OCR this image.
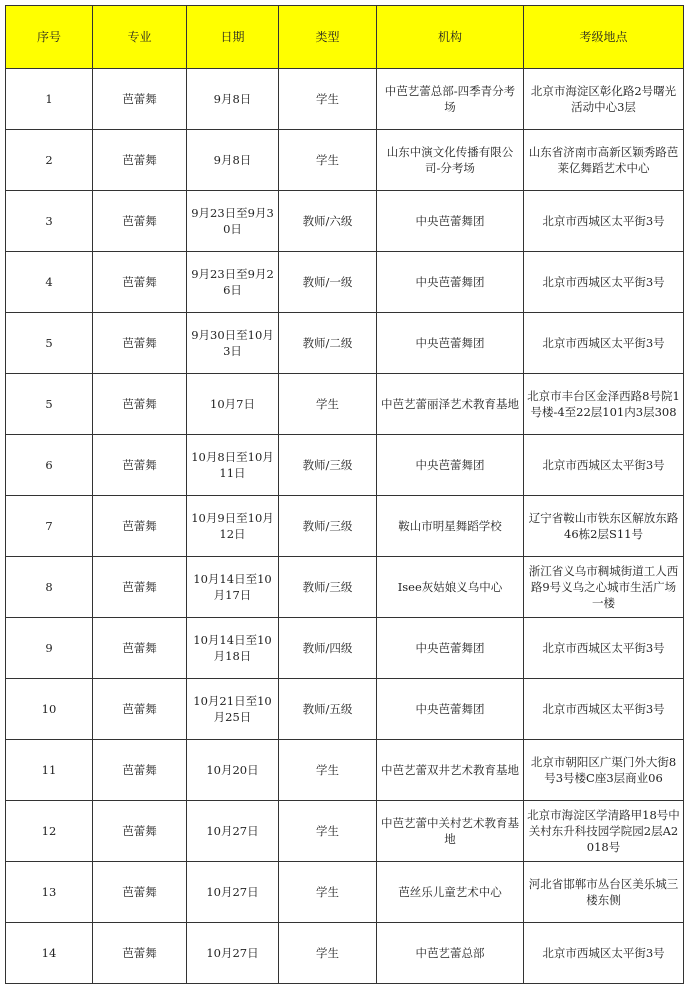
序号	专业	日期	类型	机构	考级地点
1	芭蕾舞	9月8日	学生	中芭艺蕾总部-四季青分考场	北京市海淀区彰化路2号曙光活动中心3层
2	芭蕾舞	9月8日	学生	山东中演文化传播有限公司-分考场	山东省济南市高新区颖秀路芭莱亿舞蹈艺术中心
3	芭蕾舞	9月23日至9月30日	教师/六级	中央芭蕾舞团	北京市西城区太平街3号
4	芭蕾舞	9月23日至9月26日	教师/一级	中央芭蕾舞团	北京市西城区太平街3号
5	芭蕾舞	9月30日至10月3日	教师/二级	中央芭蕾舞团	北京市西城区太平街3号
5	芭蕾舞	10月7日	学生	中芭艺蕾丽泽艺术教育基地	北京市丰台区金泽西路8号院1号楼-4至22层101内3层308
6	芭蕾舞	10月8日至10月11日	教师/三级	中央芭蕾舞团	北京市西城区太平街3号
7	芭蕾舞	10月9日至10月12日	教师/三级	鞍山市明星舞蹈学校	辽宁省鞍山市铁东区解放东路46栋2层S11号
8	芭蕾舞	10月14日至10月17日	教师/三级	Isee灰姑娘义乌中心	浙江省义乌市稠城街道工人西路9号义乌之心城市生活广场一楼
9	芭蕾舞	10月14日至10月18日	教师/四级	中央芭蕾舞团	北京市西城区太平街3号
10	芭蕾舞	10月21日至10月25日	教师/五级	中央芭蕾舞团	北京市西城区太平街3号
11	芭蕾舞	10月20日	学生	中芭艺蕾双井艺术教育基地	北京市朝阳区广渠门外大街8号3号楼C座3层商业06
12	芭蕾舞	10月27日	学生	中芭艺蕾中关村艺术教育基地	北京市海淀区学清路甲18号中关村东升科技园学院园2层A2018号
13	芭蕾舞	10月27日	学生	芭丝乐儿童艺术中心	河北省邯郸市丛台区美乐城三楼东侧
14	芭蕾舞	10月27日	学生	中芭艺蕾总部	北京市西城区太平街3号
